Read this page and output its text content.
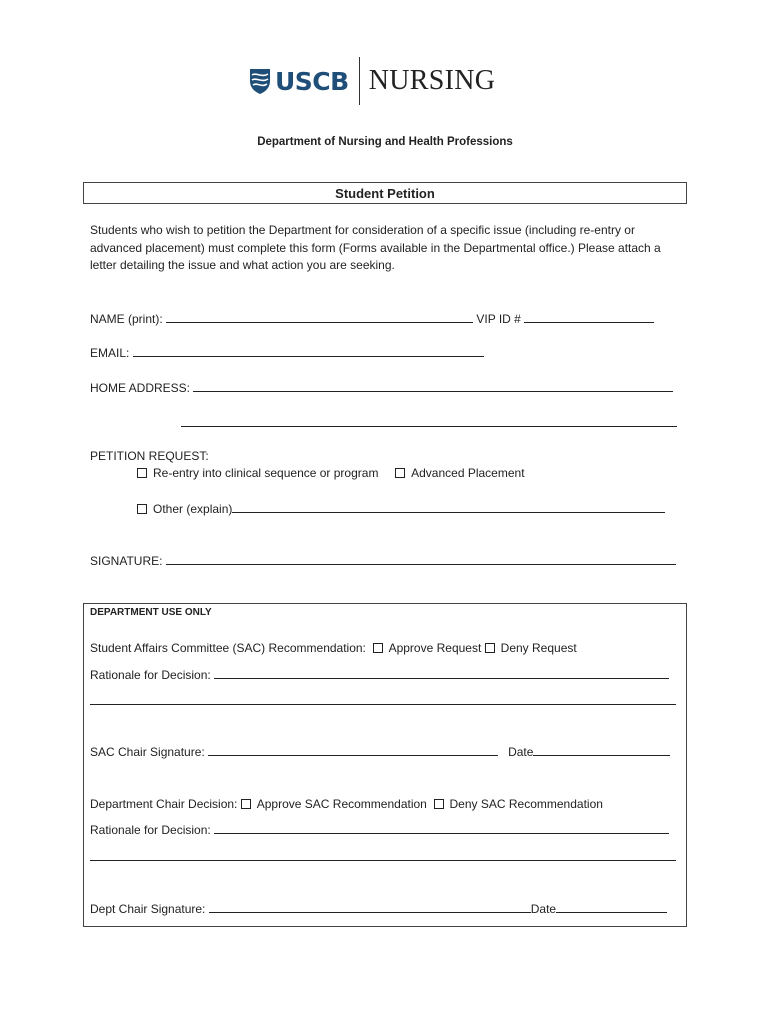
USCB NURSING
Department of Nursing and Health Professions
Student Petition
Students who wish to petition the Department for consideration of a specific issue (including re-entry or advanced placement) must complete this form (Forms available in the Departmental office.) Please attach a letter detailing the issue and what action you are seeking.
NAME (print):	VIP ID #
EMAIL:
HOME ADDRESS:
PETITION REQUEST:
Re-entry into clinical sequence or program	Advanced Placement
Other (explain)
SIGNATURE:
DEPARTMENT USE ONLY
Student Affairs Committee (SAC) Recommendation: Approve Request Deny Request
Rationale for Decision:
SAC Chair Signature:	Date
Department Chair Decision: Approve SAC Recommendation Deny SAC Recommendation
Rationale for Decision:
Dept Chair Signature:	Date
